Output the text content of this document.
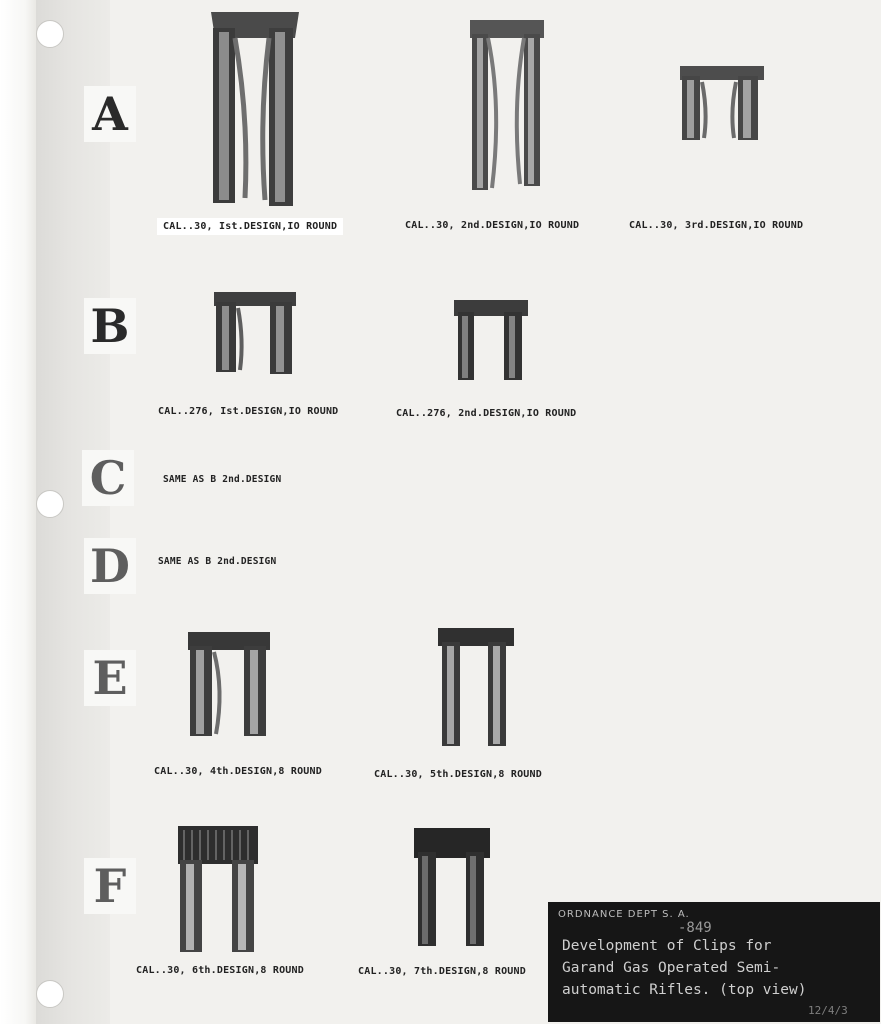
A
B
C
D
E
F
CAL..30, Ist.DESIGN,IO ROUND	CAL..30, 2nd.DESIGN,IO ROUND	CAL..30, 3rd.DESIGN,IO ROUND
CAL..276, Ist.DESIGN,IO ROUND	CAL..276, 2nd.DESIGN,IO ROUND
SAME AS B 2nd.DESIGN
SAME AS B 2nd.DESIGN
CAL..30, 4th.DESIGN,8 ROUND	CAL..30, 5th.DESIGN,8 ROUND
CAL..30, 6th.DESIGN,8 ROUND	CAL..30, 7th.DESIGN,8 ROUND
ORDNANCE DEPT S. A.
-849
Development of Clips for
Garand Gas Operated Semi-
automatic Rifles. (top view)
12/4/3
